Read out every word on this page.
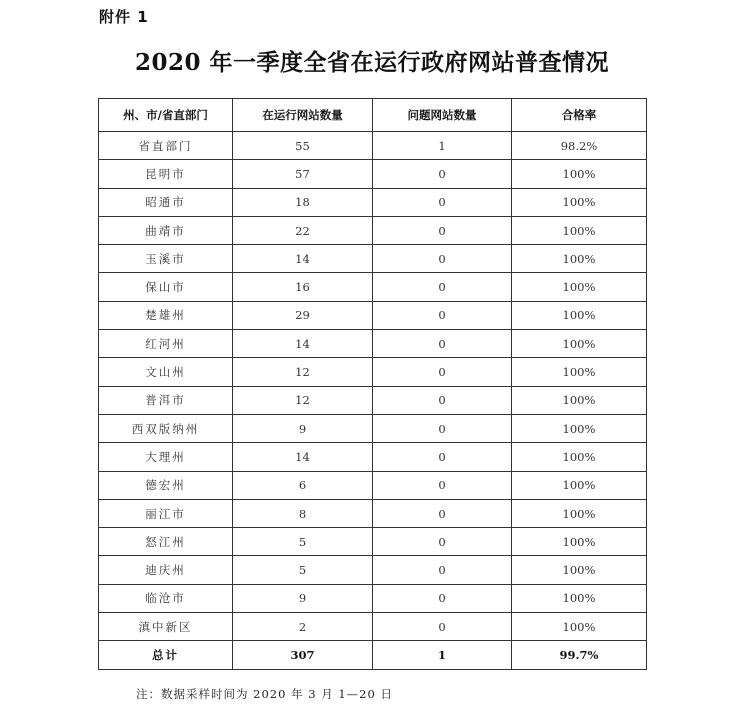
附件 1
2020 年一季度全省在运行政府网站普查情况
州、市/省直部门	在运行网站数量	问题网站数量	合格率
省直部门	55	1	98.2%
昆明市	57	0	100%
昭通市	18	0	100%
曲靖市	22	0	100%
玉溪市	14	0	100%
保山市	16	0	100%
楚雄州	29	0	100%
红河州	14	0	100%
文山州	12	0	100%
普洱市	12	0	100%
西双版纳州	9	0	100%
大理州	14	0	100%
德宏州	6	0	100%
丽江市	8	0	100%
怒江州	5	0	100%
迪庆州	5	0	100%
临沧市	9	0	100%
滇中新区	2	0	100%
总计	307	1	99.7%
注：数据采样时间为 2020 年 3 月 1—20 日
